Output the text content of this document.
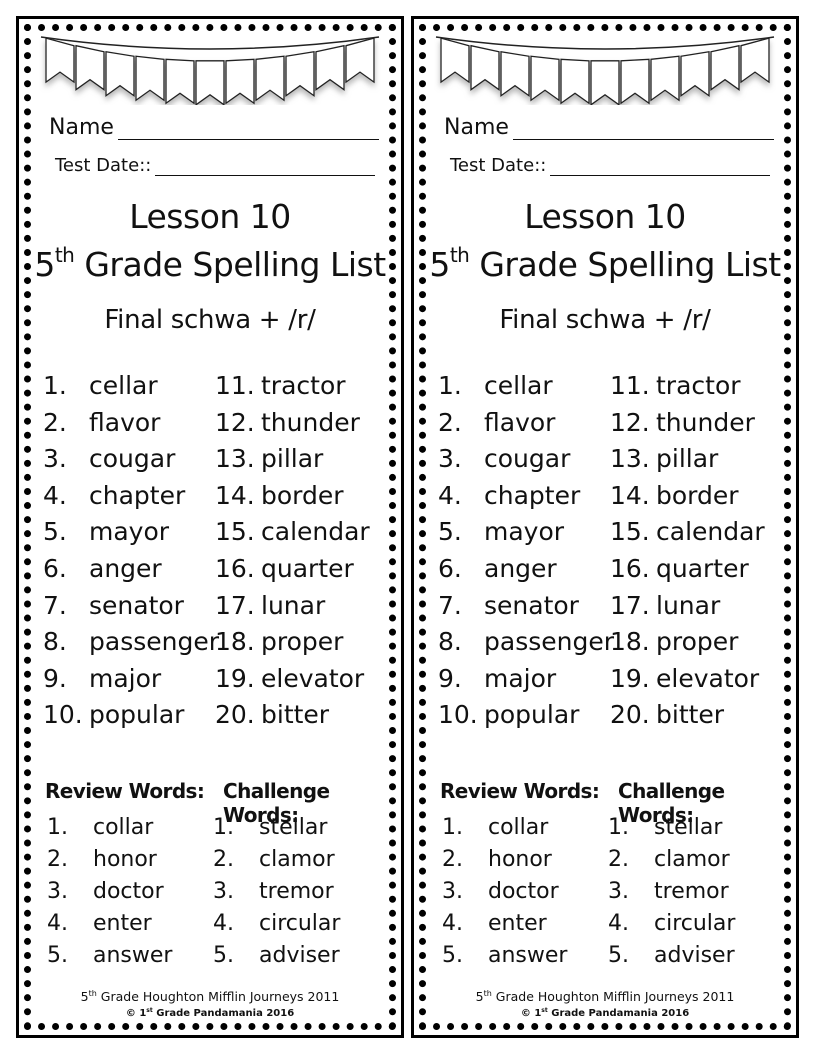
Name
Test Date::
Lesson 10
5th Grade Spelling List
Final schwa + /r/
1. cellar
2. flavor
3. cougar
4. chapter
5. mayor
6. anger
7. senator
8. passenger
9. major
10. popular
11. tractor
12. thunder
13. pillar
14. border
15. calendar
16. quarter
17. lunar
18. proper
19. elevator
20. bitter
Review Words: Challenge Words:
1. collar
2. honor
3. doctor
4. enter
5. answer
1. stellar
2. clamor
3. tremor
4. circular
5. adviser
5th Grade Houghton Mifflin Journeys 2011
© 1st Grade Pandamania 2016
Name
Test Date::
Lesson 10
5th Grade Spelling List
Final schwa + /r/
1. cellar
2. flavor
3. cougar
4. chapter
5. mayor
6. anger
7. senator
8. passenger
9. major
10. popular
11. tractor
12. thunder
13. pillar
14. border
15. calendar
16. quarter
17. lunar
18. proper
19. elevator
20. bitter
Review Words: Challenge Words:
1. collar
2. honor
3. doctor
4. enter
5. answer
1. stellar
2. clamor
3. tremor
4. circular
5. adviser
5th Grade Houghton Mifflin Journeys 2011
© 1st Grade Pandamania 2016
